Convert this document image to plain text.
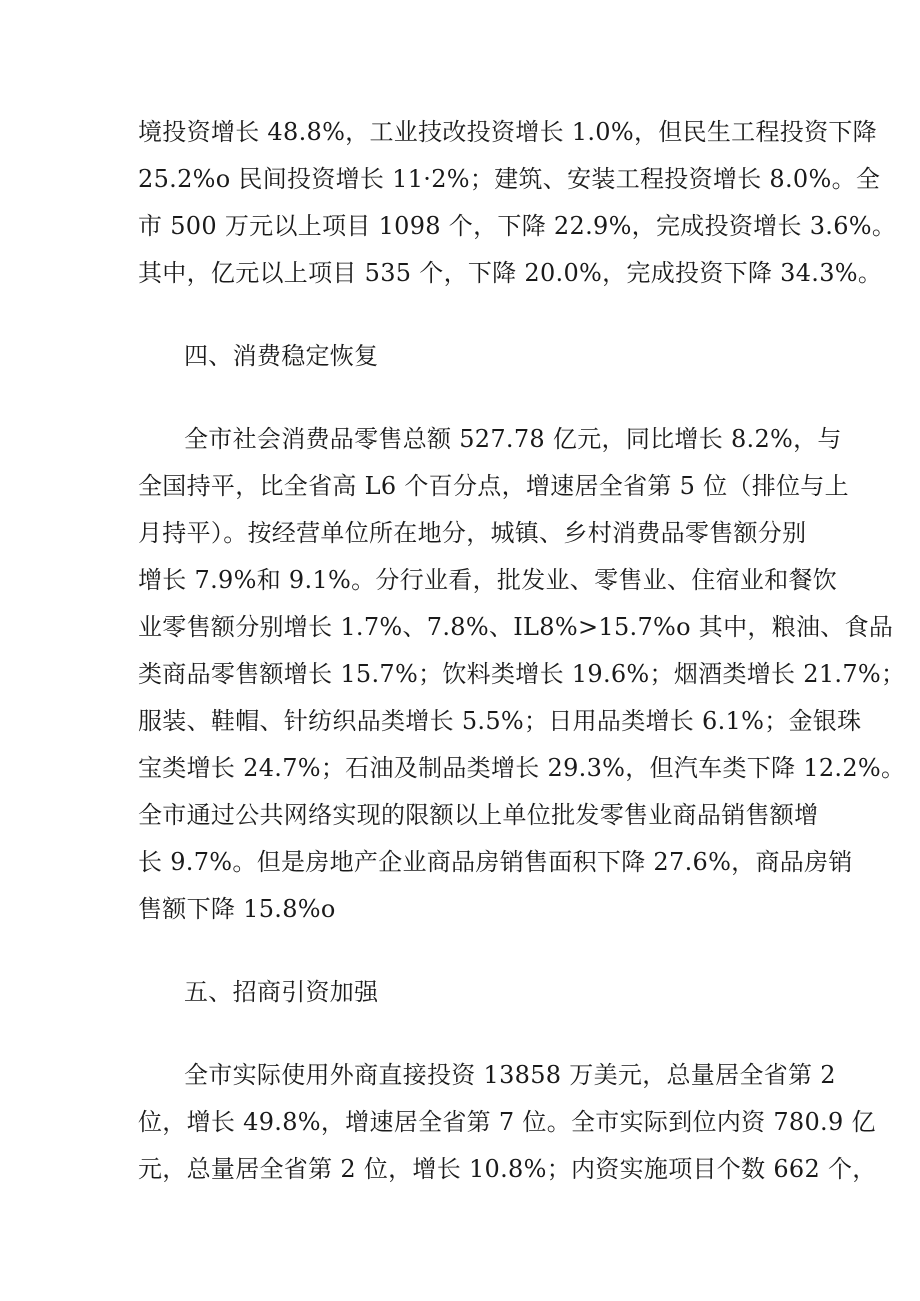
境投资增长 48.8%，工业技改投资增长 1.0%，但民生工程投资下降
25.2%o 民间投资增长 11·2%；建筑、安装工程投资增长 8.0%。全
市 500 万元以上项目 1098 个，下降 22.9%，完成投资增长 3.6%。
其中，亿元以上项目 535 个，下降 20.0%，完成投资下降 34.3%。
四、消费稳定恢复
全市社会消费品零售总额 527.78 亿元，同比增长 8.2%，与
全国持平，比全省高 L6 个百分点，增速居全省第 5 位（排位与上
月持平）。按经营单位所在地分，城镇、乡村消费品零售额分别
增长 7.9%和 9.1%。分行业看，批发业、零售业、住宿业和餐饮
业零售额分别增长 1.7%、7.8%、IL8%>15.7%o 其中，粮油、食品
类商品零售额增长 15.7%；饮料类增长 19.6%；烟酒类增长 21.7%；
服装、鞋帽、针纺织品类增长 5.5%；日用品类增长 6.1%；金银珠
宝类增长 24.7%；石油及制品类增长 29.3%，但汽车类下降 12.2%。
全市通过公共网络实现的限额以上单位批发零售业商品销售额增
长 9.7%。但是房地产企业商品房销售面积下降 27.6%，商品房销
售额下降 15.8%o
五、招商引资加强
全市实际使用外商直接投资 13858 万美元，总量居全省第 2
位，增长 49.8%，增速居全省第 7 位。全市实际到位内资 780.9 亿
元，总量居全省第 2 位，增长 10.8%；内资实施项目个数 662 个，
